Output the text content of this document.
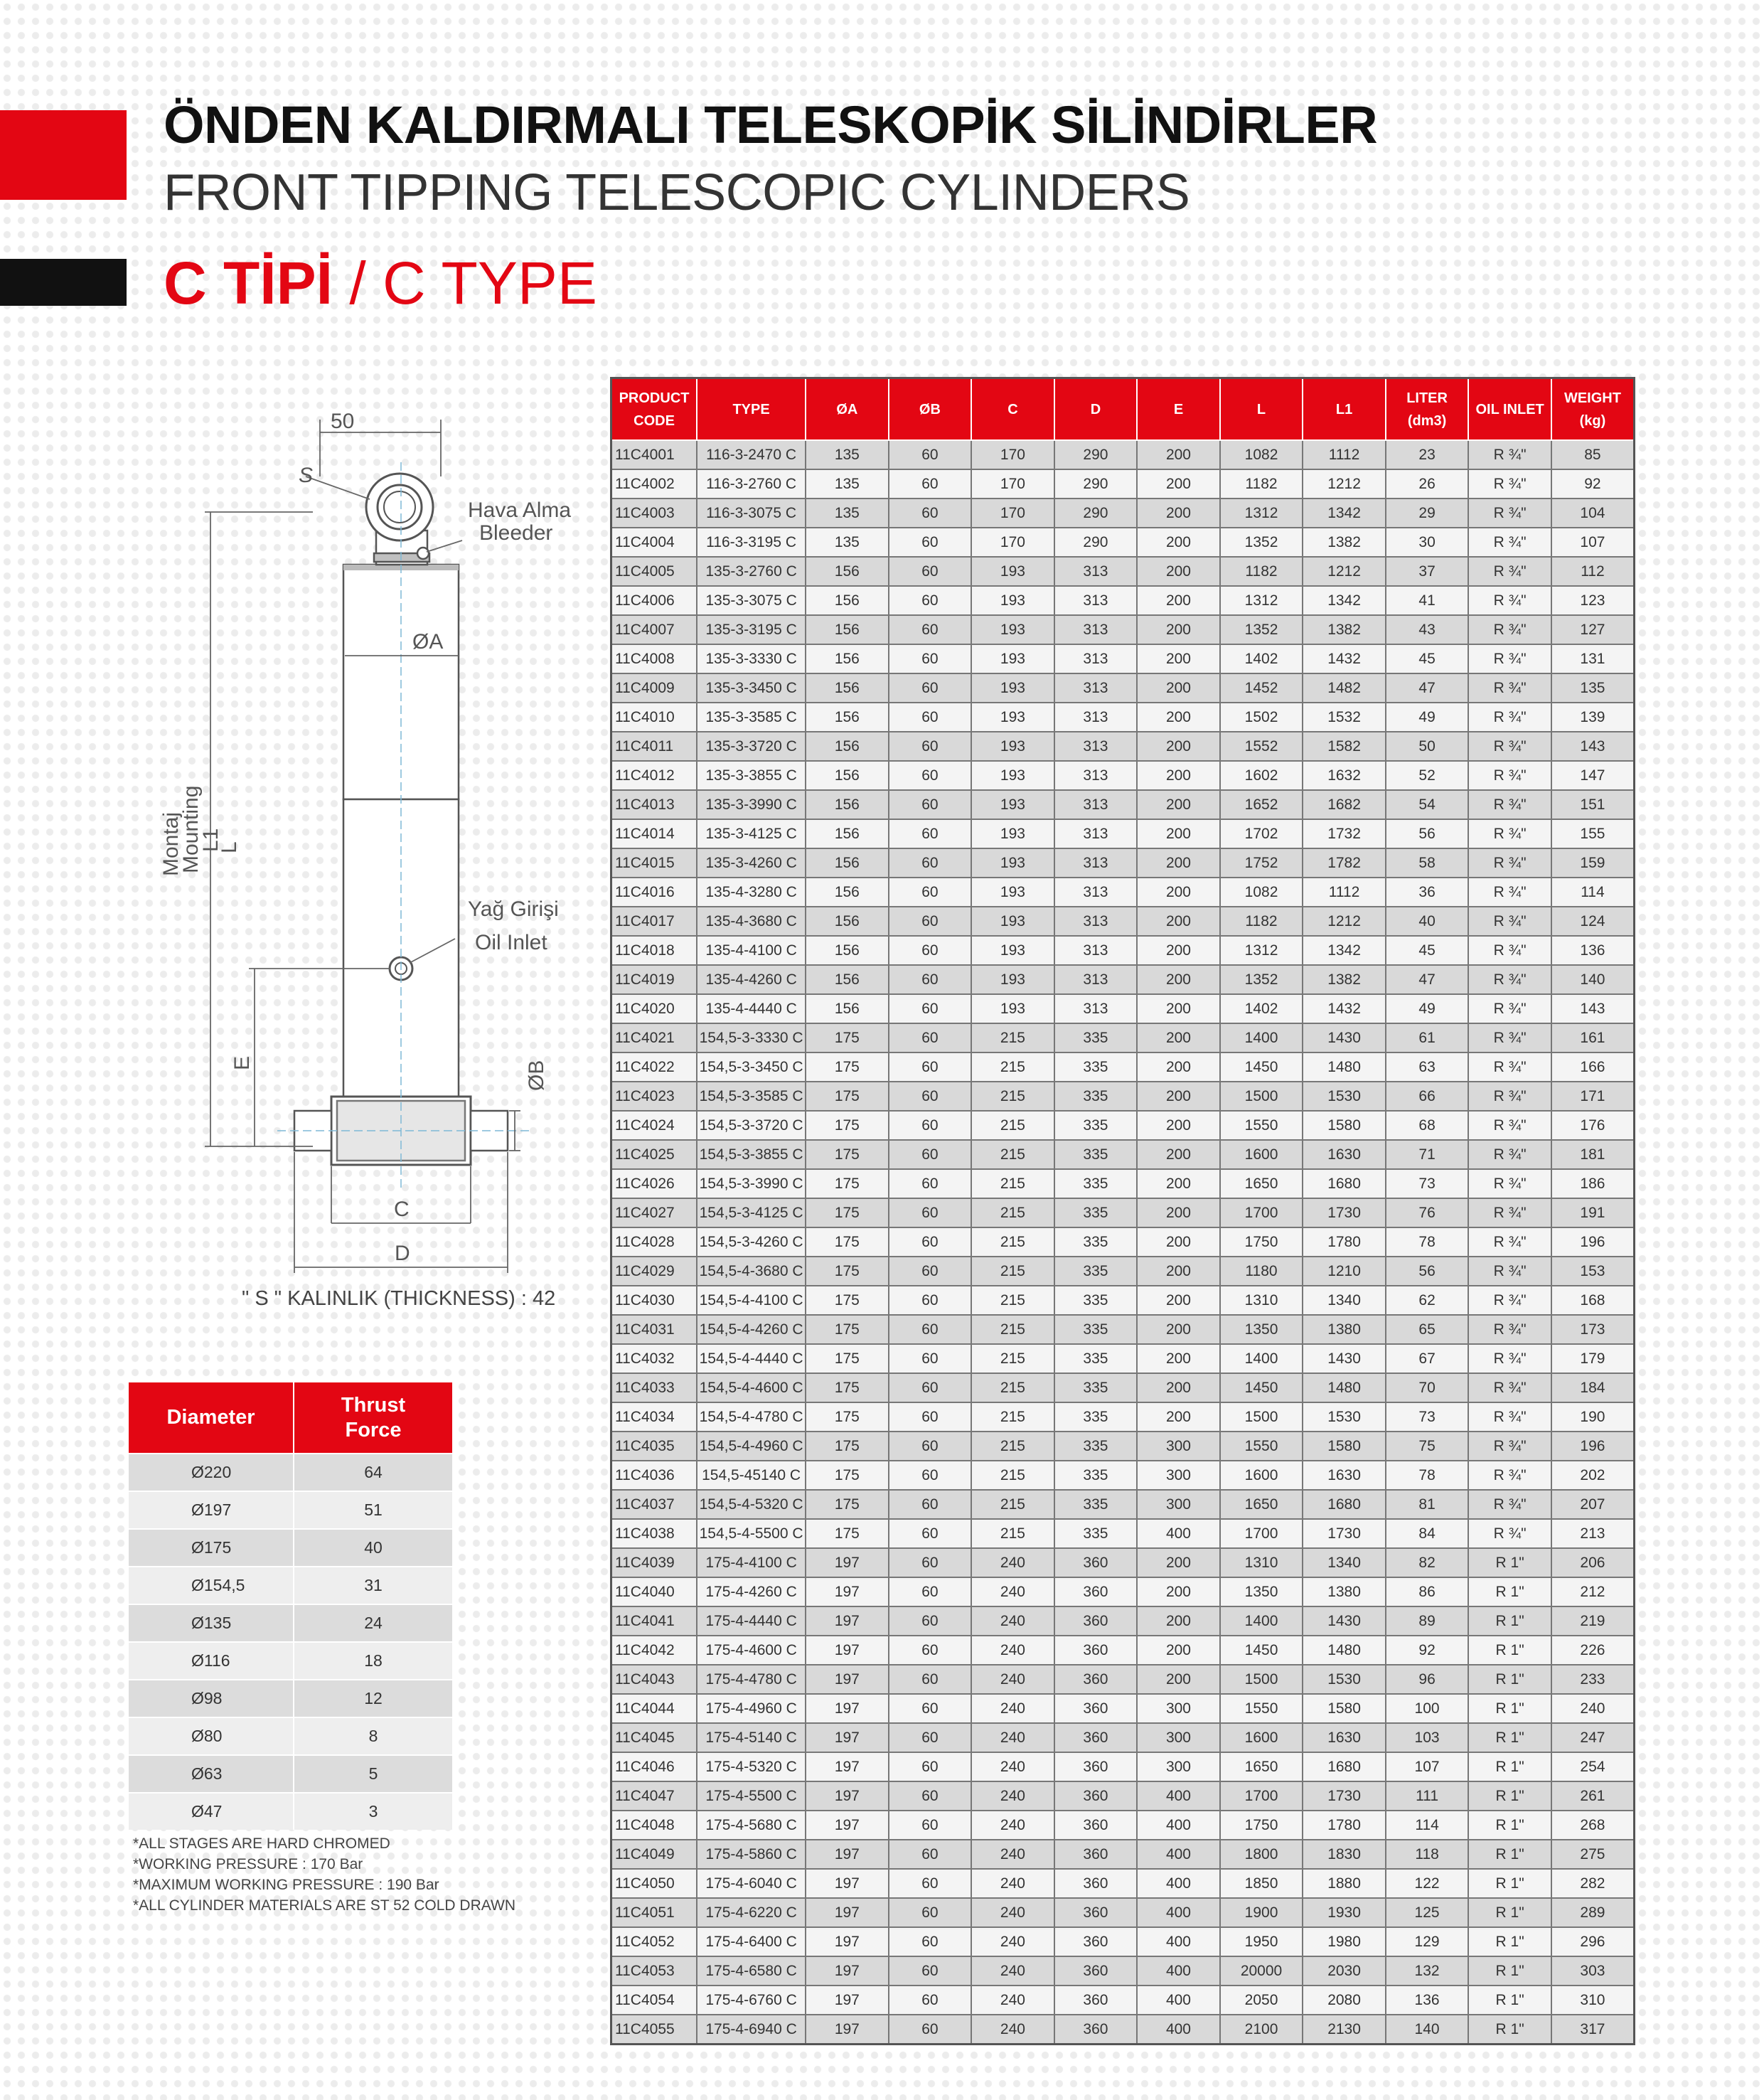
ÖNDEN KALDIRMALI TELESKOPİK SİLİNDİRLER
FRONT TIPPING TELESCOPIC CYLINDERS
C TİPİ / C TYPE
50
S
Hava Alma
Bleeder
ØA
Montaj
Mounting
L1
L
Yağ Girişi
Oil Inlet
E	ØB
C
D
" S " KALINLIK (THICKNESS) : 42
Diameter	Thrust
Force
Ø220	64
Ø197	51
Ø175	40
Ø154,5	31
Ø135	24
Ø116	18
Ø98	12
Ø80	8
Ø63	5
Ø47	3
*ALL STAGES ARE HARD CHROMED
*WORKING PRESSURE : 170 Bar
*MAXIMUM WORKING PRESSURE : 190 Bar
*ALL CYLINDER MATERIALS ARE ST 52 COLD DRAWN
PRODUCT
CODE	TYPE	ØA	ØB	C	D	E	L	L1	LITER
(dm3)	OIL INLET	WEIGHT
(kg)
11C4001	116-3-2470 C	135	60	170	290	200	1082	1112	23	R ¾"	85
11C4002	116-3-2760 C	135	60	170	290	200	1182	1212	26	R ¾"	92
11C4003	116-3-3075 C	135	60	170	290	200	1312	1342	29	R ¾"	104
11C4004	116-3-3195 C	135	60	170	290	200	1352	1382	30	R ¾"	107
11C4005	135-3-2760 C	156	60	193	313	200	1182	1212	37	R ¾"	112
11C4006	135-3-3075 C	156	60	193	313	200	1312	1342	41	R ¾"	123
11C4007	135-3-3195 C	156	60	193	313	200	1352	1382	43	R ¾"	127
11C4008	135-3-3330 C	156	60	193	313	200	1402	1432	45	R ¾"	131
11C4009	135-3-3450 C	156	60	193	313	200	1452	1482	47	R ¾"	135
11C4010	135-3-3585 C	156	60	193	313	200	1502	1532	49	R ¾"	139
11C4011	135-3-3720 C	156	60	193	313	200	1552	1582	50	R ¾"	143
11C4012	135-3-3855 C	156	60	193	313	200	1602	1632	52	R ¾"	147
11C4013	135-3-3990 C	156	60	193	313	200	1652	1682	54	R ¾"	151
11C4014	135-3-4125 C	156	60	193	313	200	1702	1732	56	R ¾"	155
11C4015	135-3-4260 C	156	60	193	313	200	1752	1782	58	R ¾"	159
11C4016	135-4-3280 C	156	60	193	313	200	1082	1112	36	R ¾"	114
11C4017	135-4-3680 C	156	60	193	313	200	1182	1212	40	R ¾"	124
11C4018	135-4-4100 C	156	60	193	313	200	1312	1342	45	R ¾"	136
11C4019	135-4-4260 C	156	60	193	313	200	1352	1382	47	R ¾"	140
11C4020	135-4-4440 C	156	60	193	313	200	1402	1432	49	R ¾"	143
11C4021	154,5-3-3330 C	175	60	215	335	200	1400	1430	61	R ¾"	161
11C4022	154,5-3-3450 C	175	60	215	335	200	1450	1480	63	R ¾"	166
11C4023	154,5-3-3585 C	175	60	215	335	200	1500	1530	66	R ¾"	171
11C4024	154,5-3-3720 C	175	60	215	335	200	1550	1580	68	R ¾"	176
11C4025	154,5-3-3855 C	175	60	215	335	200	1600	1630	71	R ¾"	181
11C4026	154,5-3-3990 C	175	60	215	335	200	1650	1680	73	R ¾"	186
11C4027	154,5-3-4125 C	175	60	215	335	200	1700	1730	76	R ¾"	191
11C4028	154,5-3-4260 C	175	60	215	335	200	1750	1780	78	R ¾"	196
11C4029	154,5-4-3680 C	175	60	215	335	200	1180	1210	56	R ¾"	153
11C4030	154,5-4-4100 C	175	60	215	335	200	1310	1340	62	R ¾"	168
11C4031	154,5-4-4260 C	175	60	215	335	200	1350	1380	65	R ¾"	173
11C4032	154,5-4-4440 C	175	60	215	335	200	1400	1430	67	R ¾"	179
11C4033	154,5-4-4600 C	175	60	215	335	200	1450	1480	70	R ¾"	184
11C4034	154,5-4-4780 C	175	60	215	335	200	1500	1530	73	R ¾"	190
11C4035	154,5-4-4960 C	175	60	215	335	300	1550	1580	75	R ¾"	196
11C4036	154,5-45140 C	175	60	215	335	300	1600	1630	78	R ¾"	202
11C4037	154,5-4-5320 C	175	60	215	335	300	1650	1680	81	R ¾"	207
11C4038	154,5-4-5500 C	175	60	215	335	400	1700	1730	84	R ¾"	213
11C4039	175-4-4100 C	197	60	240	360	200	1310	1340	82	R 1"	206
11C4040	175-4-4260 C	197	60	240	360	200	1350	1380	86	R 1"	212
11C4041	175-4-4440 C	197	60	240	360	200	1400	1430	89	R 1"	219
11C4042	175-4-4600 C	197	60	240	360	200	1450	1480	92	R 1"	226
11C4043	175-4-4780 C	197	60	240	360	200	1500	1530	96	R 1"	233
11C4044	175-4-4960 C	197	60	240	360	300	1550	1580	100	R 1"	240
11C4045	175-4-5140 C	197	60	240	360	300	1600	1630	103	R 1"	247
11C4046	175-4-5320 C	197	60	240	360	300	1650	1680	107	R 1"	254
11C4047	175-4-5500 C	197	60	240	360	400	1700	1730	111	R 1"	261
11C4048	175-4-5680 C	197	60	240	360	400	1750	1780	114	R 1"	268
11C4049	175-4-5860 C	197	60	240	360	400	1800	1830	118	R 1"	275
11C4050	175-4-6040 C	197	60	240	360	400	1850	1880	122	R 1"	282
11C4051	175-4-6220 C	197	60	240	360	400	1900	1930	125	R 1"	289
11C4052	175-4-6400 C	197	60	240	360	400	1950	1980	129	R 1"	296
11C4053	175-4-6580 C	197	60	240	360	400	20000	2030	132	R 1"	303
11C4054	175-4-6760 C	197	60	240	360	400	2050	2080	136	R 1"	310
11C4055	175-4-6940 C	197	60	240	360	400	2100	2130	140	R 1"	317
